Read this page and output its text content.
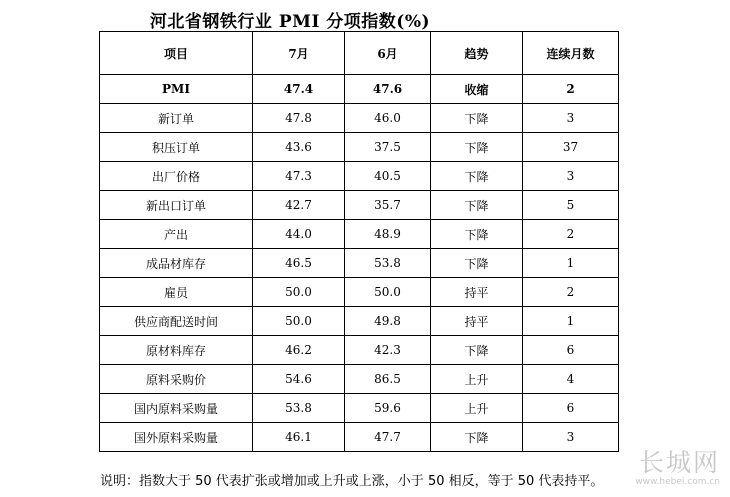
河北省钢铁行业 PMI 分项指数(%)
项目	7月	6月	趋势	连续月数
PMI	47.4	47.6	收缩	2
新订单	47.8	46.0	下降	3
积压订单	43.6	37.5	下降	37
出厂价格	47.3	40.5	下降	3
新出口订单	42.7	35.7	下降	5
产出	44.0	48.9	下降	2
成品材库存	46.5	53.8	下降	1
雇员	50.0	50.0	持平	2
供应商配送时间	50.0	49.8	持平	1
原材料库存	46.2	42.3	下降	6
原料采购价	54.6	86.5	上升	4
国内原料采购量	53.8	59.6	上升	6
国外原料采购量	46.1	47.7	下降	3
说明：指数大于 50 代表扩张或增加或上升或上涨，小于 50 相反，等于 50 代表持平。
长城网
www.hebei.com.cn
